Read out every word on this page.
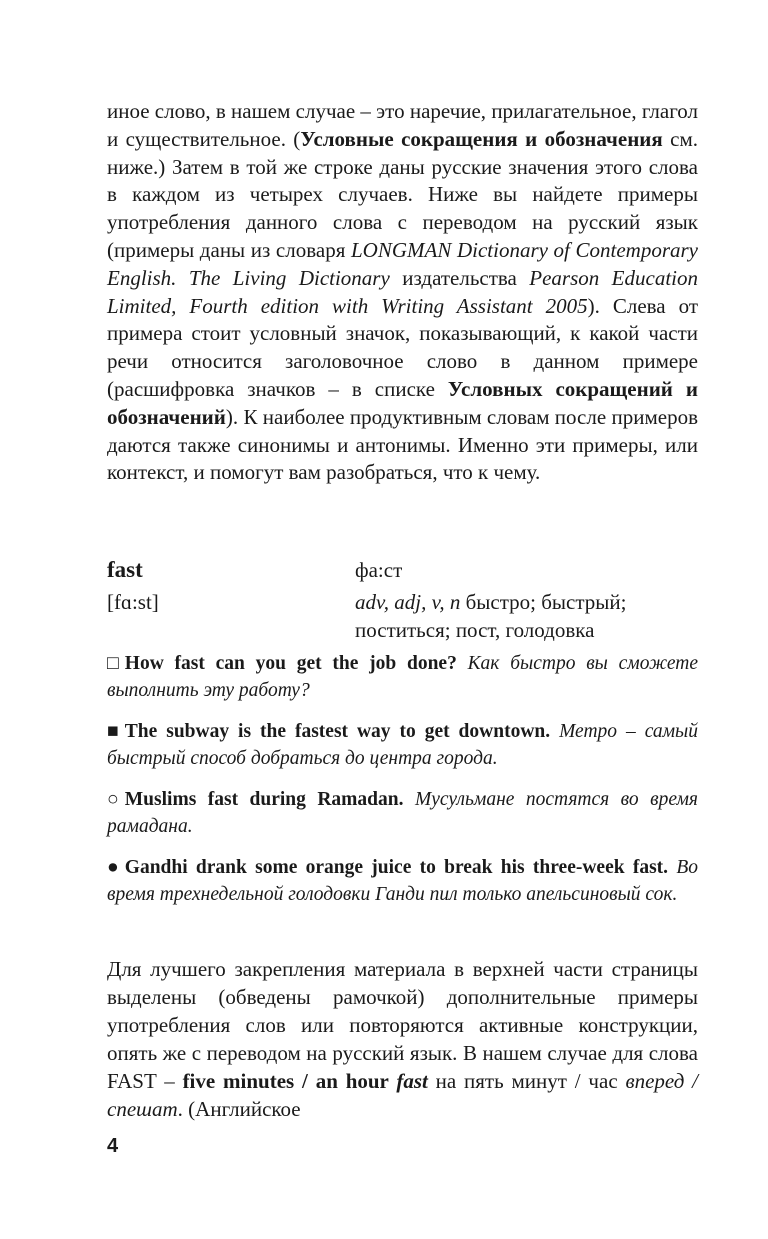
иное слово, в нашем случае – это наречие, прилагательное, глагол и существительное. (Условные сокращения и обозначения см. ниже.) Затем в той же строке даны русские значения этого слова в каждом из четырех случаев. Ниже вы найдете примеры употребления данного слова с переводом на русский язык (примеры даны из словаря LONGMAN Dictionary of Contemporary English. The Living Dictionary издательства Pearson Education Limited, Fourth edition with Writing Assistant 2005). Слева от примера стоит условный значок, показывающий, к какой части речи относится заголовочное слово в данном примере (расшифровка значков – в списке Условных сокращений и обозначений). К наиболее продуктивным словам после примеров даются также синонимы и антонимы. Именно эти примеры, или контекст, и помогут вам разобраться, что к чему.

fast	фа:ст
[fɑ:st]	adv, adj, v, n быстро; быстрый; поститься; пост, голодовка

□ How fast can you get the job done? Как быстро вы сможете выполнить эту работу?

■ The subway is the fastest way to get downtown. Метро – самый быстрый способ добраться до центра города.

○ Muslims fast during Ramadan. Мусульмане постятся во время рамадана.

● Gandhi drank some orange juice to break his three-week fast. Во время трехнедельной голодовки Ганди пил только апельсиновый сок.

Для лучшего закрепления материала в верхней части страницы выделены (обведены рамочкой) дополнительные примеры употребления слов или повторяются активные конструкции, опять же с переводом на русский язык. В нашем случае для слова FAST – five minutes / an hour fast на пять минут / час вперед / спешат. (Английское

4
